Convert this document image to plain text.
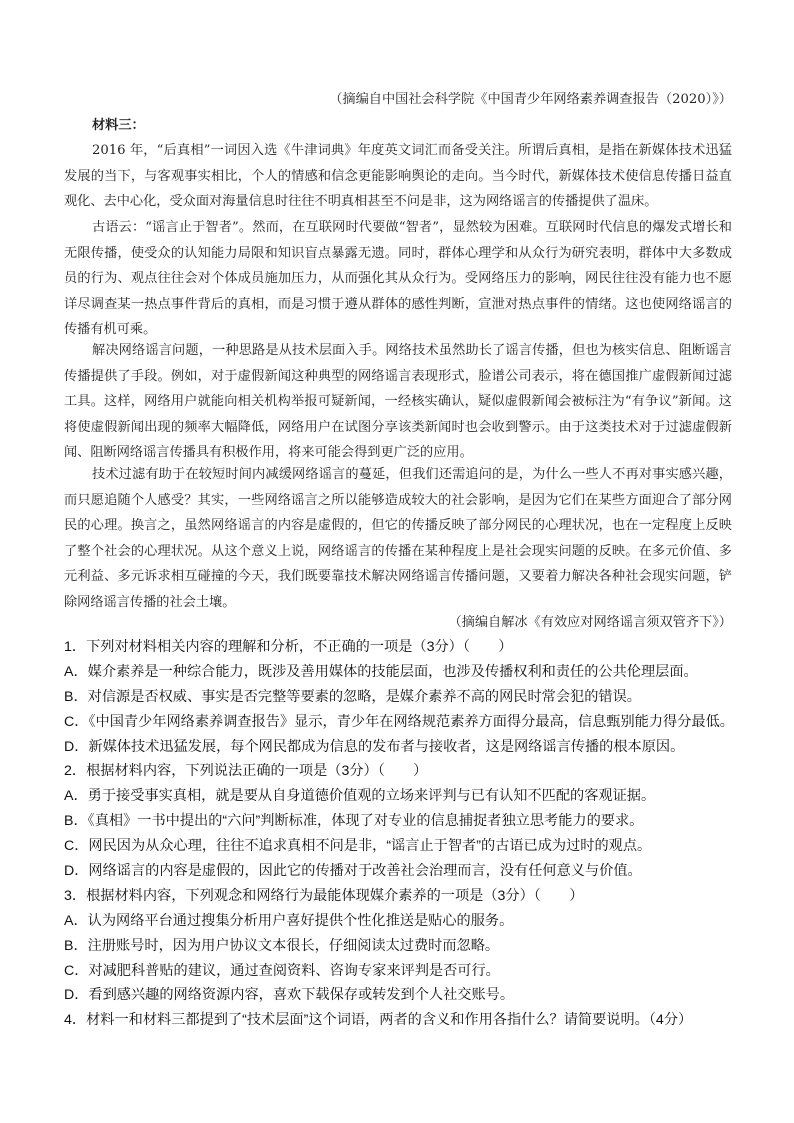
（摘编自中国社会科学院《中国青少年网络素养调查报告（2020）》）
材料三：
2016 年，“后真相”一词因入选《牛津词典》年度英文词汇而备受关注。所谓后真相，是指在新媒体技术迅猛发展的当下，与客观事实相比，个人的情感和信念更能影响舆论的走向。当今时代，新媒体技术使信息传播日益直观化、去中心化，受众面对海量信息时往往不明真相甚至不问是非，这为网络谣言的传播提供了温床。
古语云：“谣言止于智者”。然而，在互联网时代要做“智者”，显然较为困难。互联网时代信息的爆发式增长和无限传播，使受众的认知能力局限和知识盲点暴露无遗。同时，群体心理学和从众行为研究表明，群体中大多数成员的行为、观点往往会对个体成员施加压力，从而强化其从众行为。受网络压力的影响，网民往往没有能力也不愿详尽调查某一热点事件背后的真相，而是习惯于遵从群体的感性判断，宣泄对热点事件的情绪。这也使网络谣言的传播有机可乘。
解决网络谣言问题，一种思路是从技术层面入手。网络技术虽然助长了谣言传播，但也为核实信息、阻断谣言传播提供了手段。例如，对于虚假新闻这种典型的网络谣言表现形式，脸谱公司表示，将在德国推广虚假新闻过滤工具。这样，网络用户就能向相关机构举报可疑新闻，一经核实确认，疑似虚假新闻会被标注为“有争议”新闻。这将使虚假新闻出现的频率大幅降低，网络用户在试图分享该类新闻时也会收到警示。由于这类技术对于过滤虚假新闻、阻断网络谣言传播具有积极作用，将来可能会得到更广泛的应用。
技术过滤有助于在较短时间内减缓网络谣言的蔓延，但我们还需追问的是，为什么一些人不再对事实感兴趣，而只愿追随个人感受？其实，一些网络谣言之所以能够造成较大的社会影响，是因为它们在某些方面迎合了部分网民的心理。换言之，虽然网络谣言的内容是虚假的，但它的传播反映了部分网民的心理状况，也在一定程度上反映了整个社会的心理状况。从这个意义上说，网络谣言的传播在某种程度上是社会现实问题的反映。在多元价值、多元利益、多元诉求相互碰撞的今天，我们既要靠技术解决网络谣言传播问题，又要着力解决各种社会现实问题，铲除网络谣言传播的社会土壤。
（摘编自解冰《有效应对网络谣言须双管齐下》）
1．下列对材料相关内容的理解和分析，不正确的一项是（3分）（　　）
A．媒介素养是一种综合能力，既涉及善用媒体的技能层面，也涉及传播权利和责任的公共伦理层面。
B．对信源是否权威、事实是否完整等要素的忽略，是媒介素养不高的网民时常会犯的错误。
C．《中国青少年网络素养调查报告》显示，青少年在网络规范素养方面得分最高，信息甄别能力得分最低。
D．新媒体技术迅猛发展，每个网民都成为信息的发布者与接收者，这是网络谣言传播的根本原因。
2．根据材料内容，下列说法正确的一项是（3分）（　　）
A．勇于接受事实真相，就是要从自身道德价值观的立场来评判与已有认知不匹配的客观证据。
B．《真相》一书中提出的“六问”判断标准，体现了对专业的信息捕捉者独立思考能力的要求。
C．网民因为从众心理，往往不追求真相不问是非，“谣言止于智者”的古语已成为过时的观点。
D．网络谣言的内容是虚假的，因此它的传播对于改善社会治理而言，没有任何意义与价值。
3．根据材料内容，下列观念和网络行为最能体现媒介素养的一项是（3分）（　　）
A．认为网络平台通过搜集分析用户喜好提供个性化推送是贴心的服务。
B．注册账号时，因为用户协议文本很长，仔细阅读太过费时而忽略。
C．对减肥科普贴的建议，通过查阅资料、咨询专家来评判是否可行。
D．看到感兴趣的网络资源内容，喜欢下载保存或转发到个人社交账号。
4．材料一和材料三都提到了“技术层面”这个词语，两者的含义和作用各指什么？请简要说明。（4分）
